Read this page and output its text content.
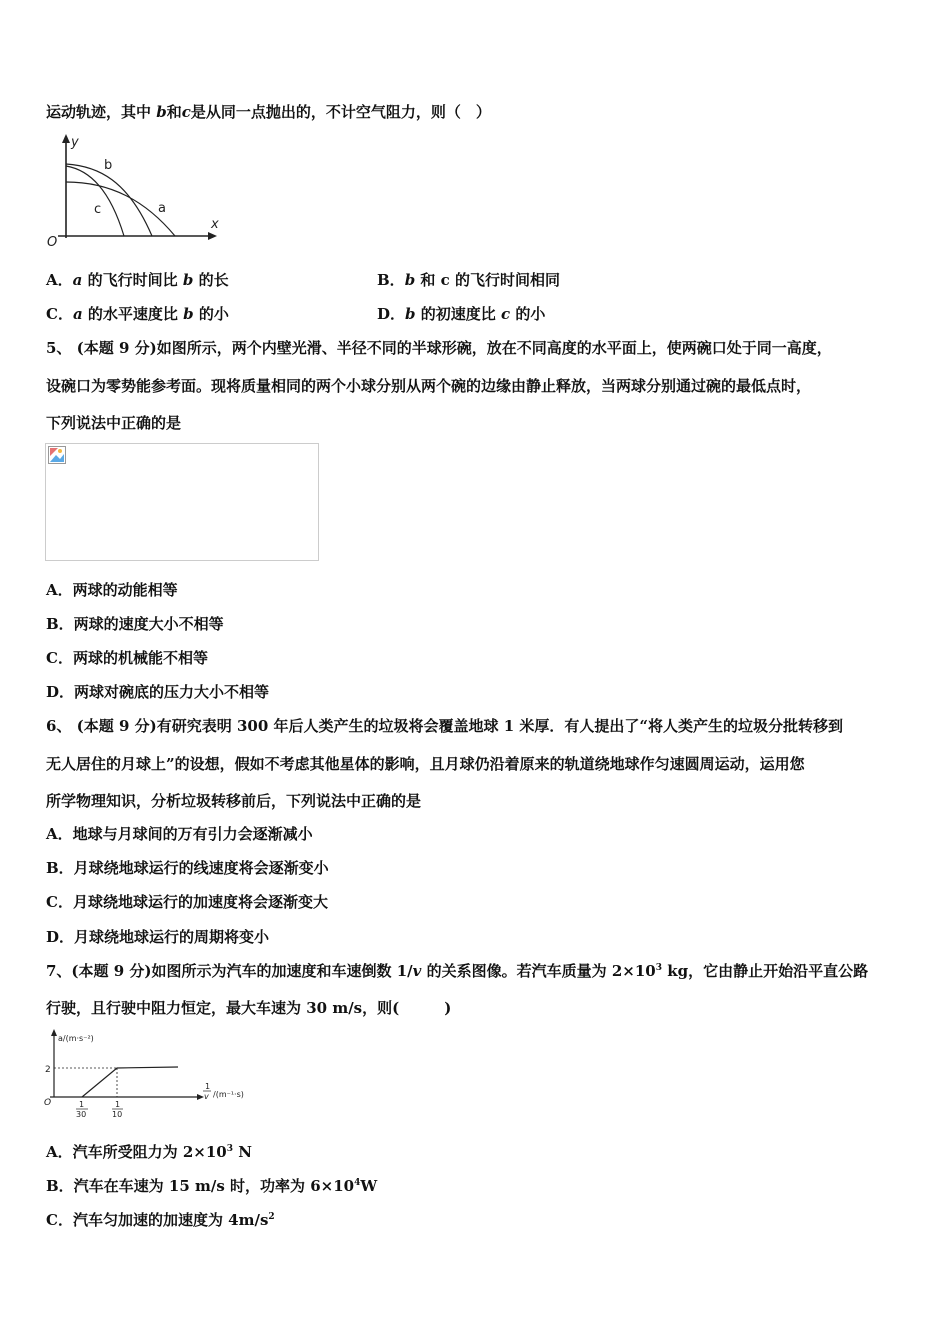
运动轨迹，其中 b和c是从同一点抛出的，不计空气阻力，则（　）
y
x
O
b
c	a
A．a 的飞行时间比 b 的长	B．b 和 c 的飞行时间相同
C．a 的水平速度比 b 的小	D．b 的初速度比 c 的小
5、 (本题 9 分)如图所示，两个内壁光滑、半径不同的半球形碗，放在不同高度的水平面上，使两碗口处于同一高度，
设碗口为零势能参考面。现将质量相同的两个小球分别从两个碗的边缘由静止释放，当两球分别通过碗的最低点时，
下列说法中正确的是
A．两球的动能相等
B．两球的速度大小不相等
C．两球的机械能不相等
D．两球对碗底的压力大小不相等
6、 (本题 9 分)有研究表明 300 年后人类产生的垃圾将会覆盖地球 1 米厚．有人提出了“将人类产生的垃圾分批转移到
无人居住的月球上”的设想，假如不考虑其他星体的影响，且月球仍沿着原来的轨道绕地球作匀速圆周运动，运用您
所学物理知识，分析垃圾转移前后，下列说法中正确的是
A．地球与月球间的万有引力会逐渐减小
B．月球绕地球运行的线速度将会逐渐变小
C．月球绕地球运行的加速度将会逐渐变大
D．月球绕地球运行的周期将变小
7、(本题 9 分)如图所示为汽车的加速度和车速倒数 1/v 的关系图像。若汽车质量为 $2\times 10^3$ kg，它由静止开始沿平直公路
行驶，且行驶中阻力恒定，最大车速为 30 m/s，则(　　　)
a/(m·s⁻²)
O
2
1
30
1
10
1
v /(m⁻¹·s)
A．汽车所受阻力为 $2\times 10^3$ N
B．汽车在车速为 15 m/s 时，功率为 $6\times 10^4W$
C．汽车匀加速的加速度为 $4m/s^2$
